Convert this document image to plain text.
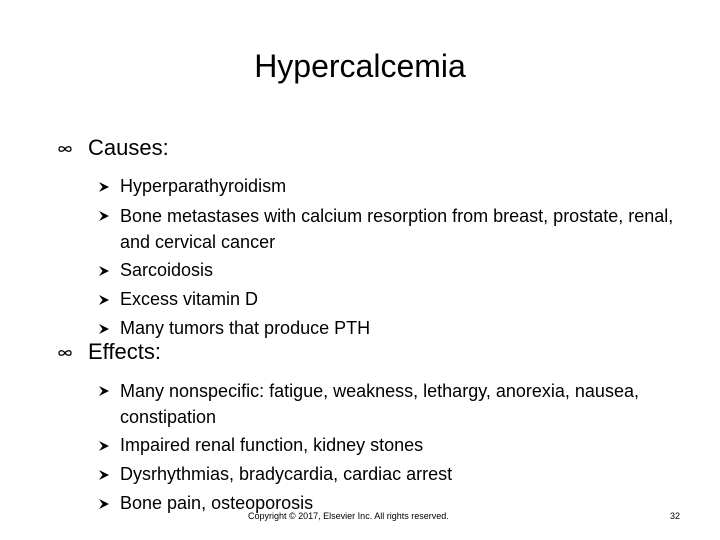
Hypercalcemia
Causes:
Hyperparathyroidism
Bone metastases with calcium resorption from breast, prostate, renal, and cervical cancer
Sarcoidosis
Excess vitamin D
Many tumors that produce PTH
Effects:
Many nonspecific: fatigue, weakness, lethargy, anorexia, nausea, constipation
Impaired renal function, kidney stones
Dysrhythmias, bradycardia, cardiac arrest
Bone pain, osteoporosis
Copyright © 2017, Elsevier Inc. All rights reserved.	32
